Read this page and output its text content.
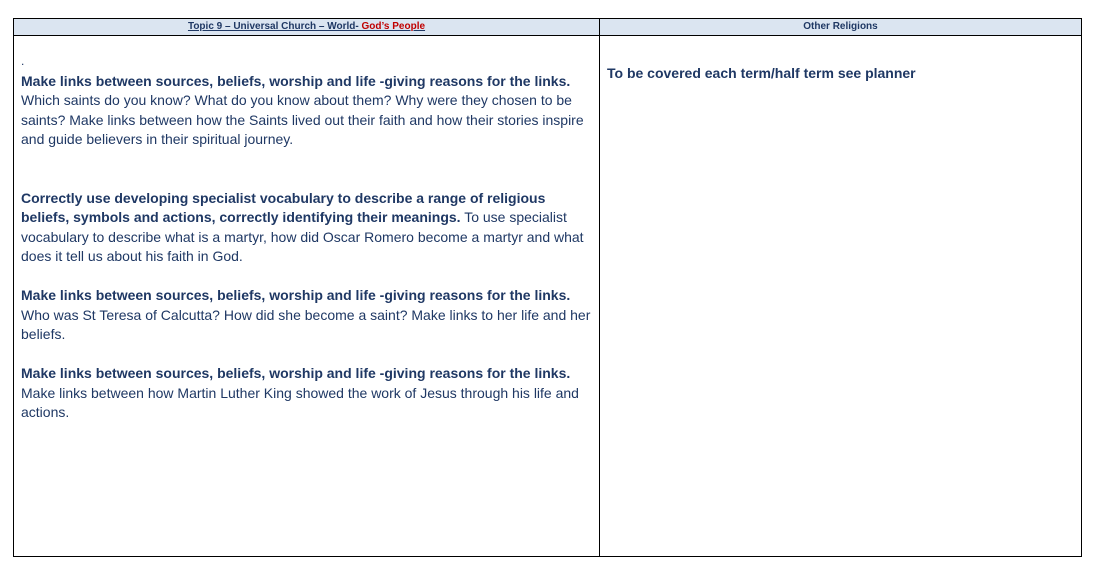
Topic 9 – Universal Church – World- God’s People	Other Religions
.

Make links between sources, beliefs, worship and life -giving reasons for the links.

Which saints do you know? What do you know about them? Why were they chosen to be saints? Make links between how the Saints lived out their faith and how their stories inspire and guide believers in their spiritual journey.

Correctly use developing specialist vocabulary to describe a range of religious beliefs, symbols and actions, correctly identifying their meanings. To use specialist vocabulary to describe what is a martyr, how did Oscar Romero become a martyr and what does it tell us about his faith in God.

Make links between sources, beliefs, worship and life -giving reasons for the links.

Who was St Teresa of Calcutta? How did she become a saint? Make links to her life and her beliefs.

Make links between sources, beliefs, worship and life -giving reasons for the links.

Make links between how Martin Luther King showed the work of Jesus through his life and actions.

To be covered each term/half term see planner
